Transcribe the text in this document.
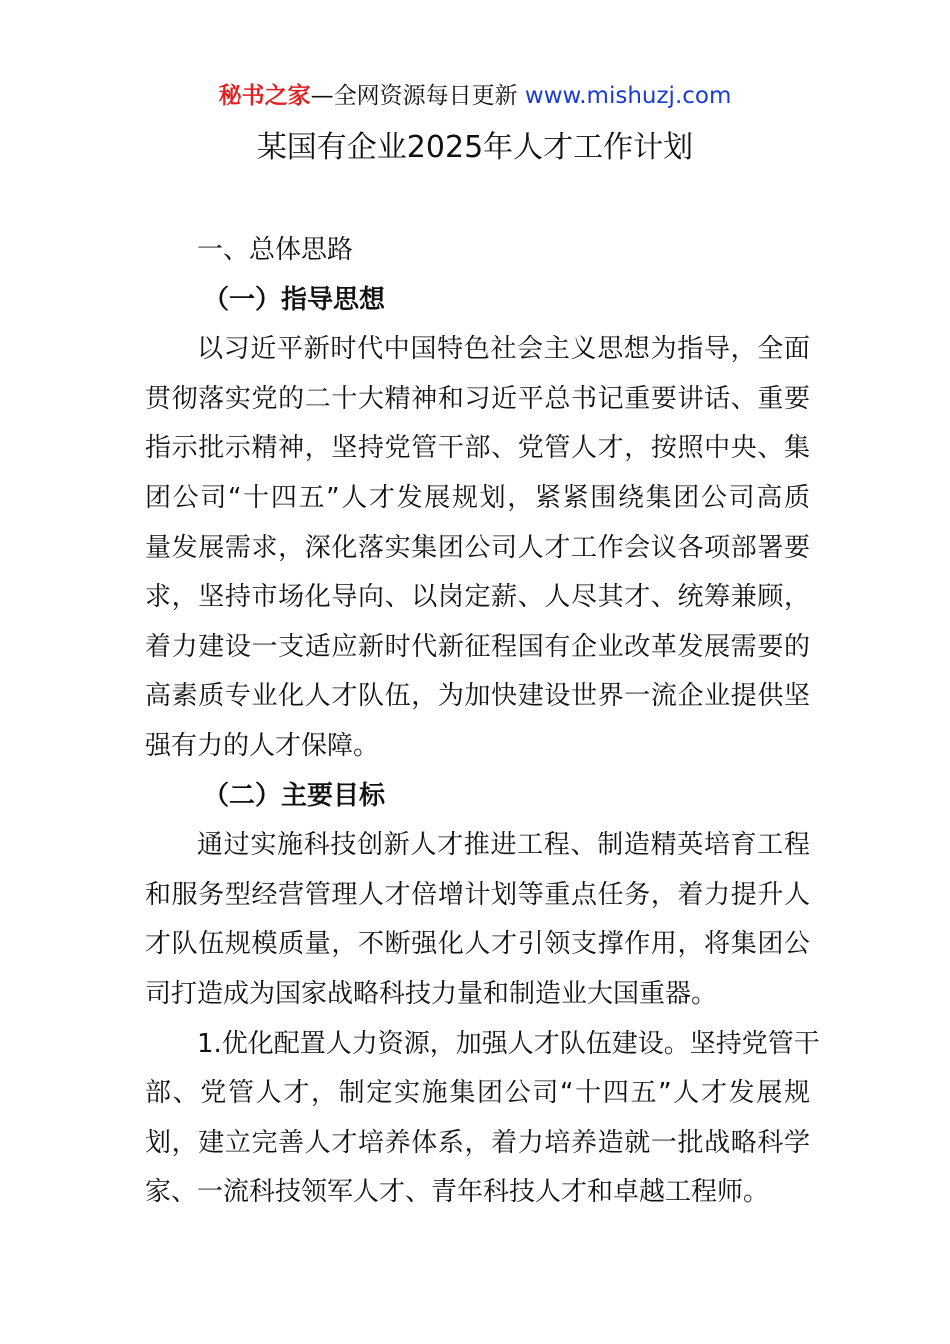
秘书之家—全网资源每日更新 www.mishuzj.com
某国有企业2025年人才工作计划
一、总体思路
（一）指导思想
以习近平新时代中国特色社会主义思想为指导，全面
贯彻落实党的二十大精神和习近平总书记重要讲话、重要
指示批示精神，坚持党管干部、党管人才，按照中央、集
团公司“十四五”人才发展规划，紧紧围绕集团公司高质
量发展需求，深化落实集团公司人才工作会议各项部署要
求，坚持市场化导向、以岗定薪、人尽其才、统筹兼顾，
着力建设一支适应新时代新征程国有企业改革发展需要的
高素质专业化人才队伍，为加快建设世界一流企业提供坚
强有力的人才保障。
（二）主要目标
通过实施科技创新人才推进工程、制造精英培育工程
和服务型经营管理人才倍增计划等重点任务，着力提升人
才队伍规模质量，不断强化人才引领支撑作用，将集团公
司打造成为国家战略科技力量和制造业大国重器。
1.优化配置人力资源，加强人才队伍建设。坚持党管干
部、党管人才，制定实施集团公司“十四五”人才发展规
划，建立完善人才培养体系，着力培养造就一批战略科学
家、一流科技领军人才、青年科技人才和卓越工程师。
